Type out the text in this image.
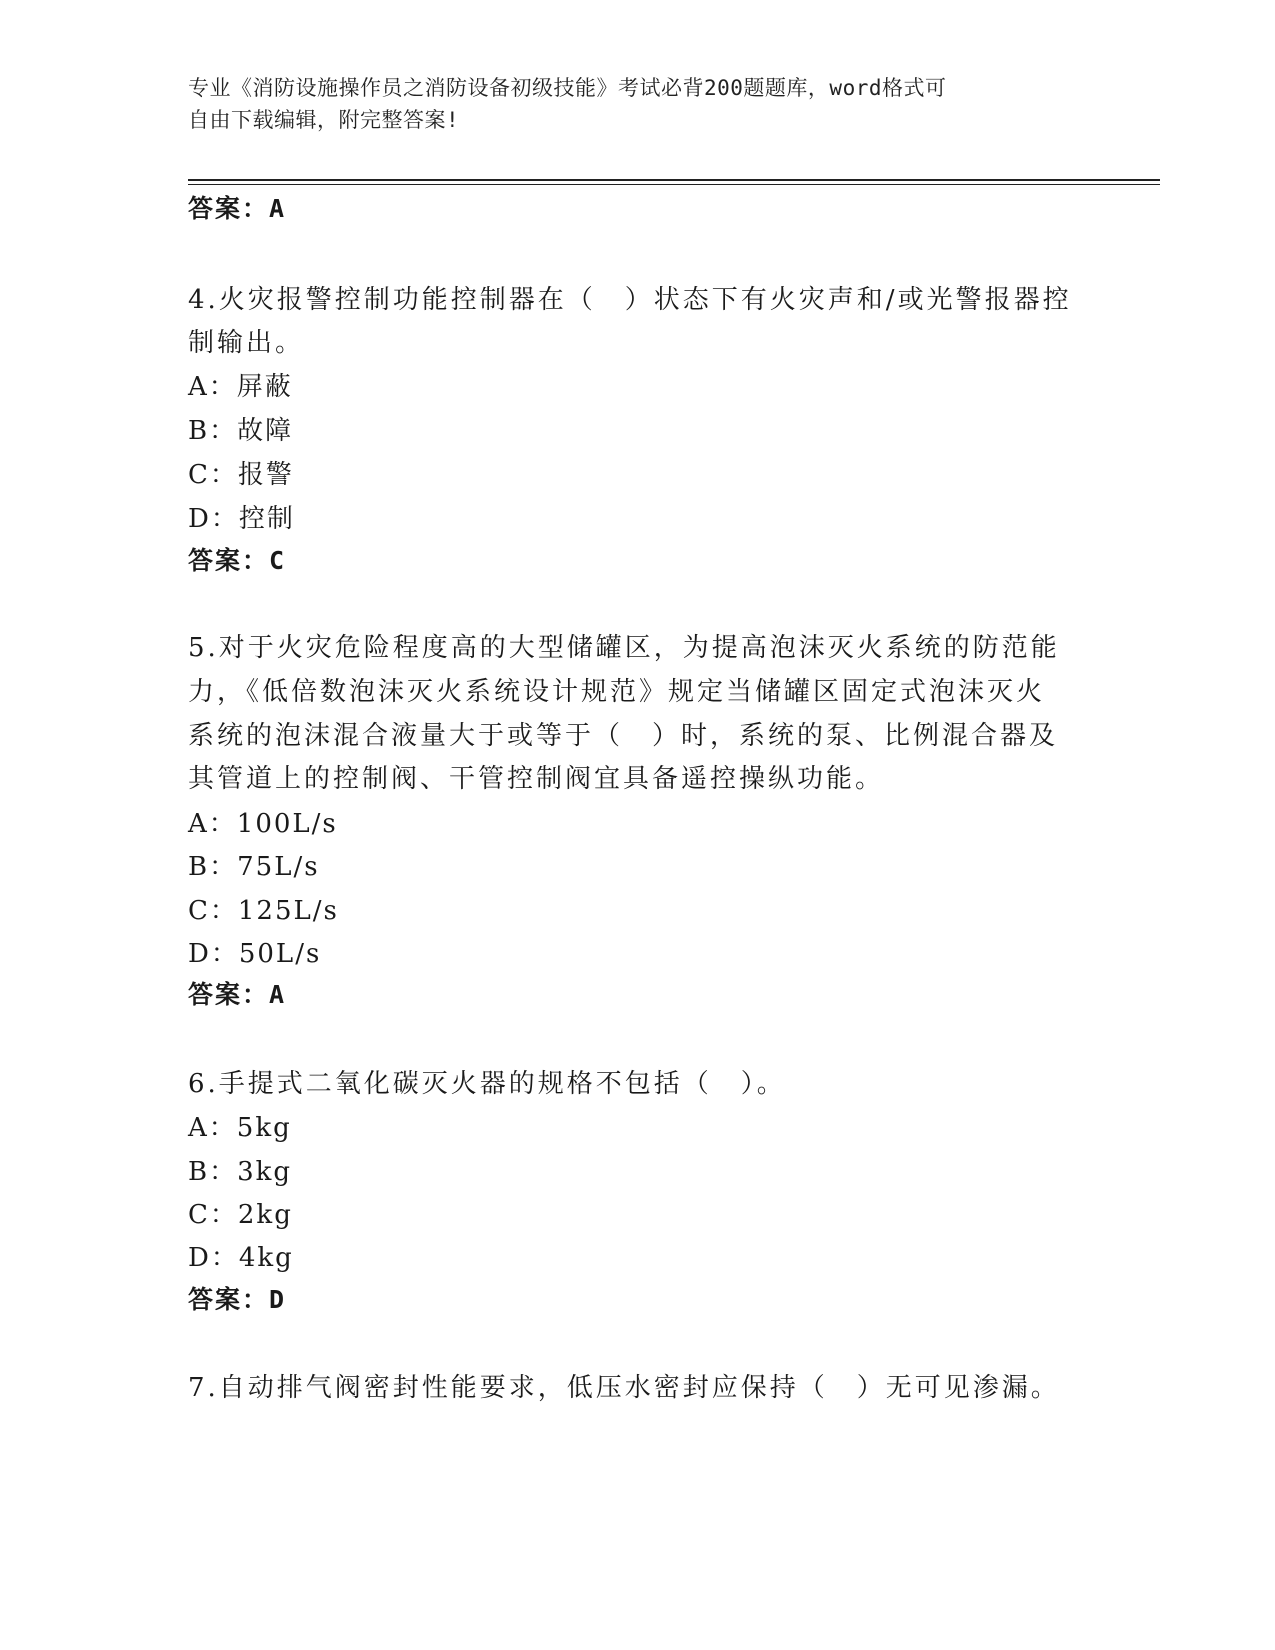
专业《消防设施操作员之消防设备初级技能》考试必背200题题库，word格式可
自由下载编辑，附完整答案!
答案：A
4.火灾报警控制功能控制器在（　）状态下有火灾声和/或光警报器控
制输出。
A：屏蔽
B：故障
C：报警
D：控制
答案：C
5.对于火灾危险程度高的大型储罐区，为提高泡沫灭火系统的防范能
力，《低倍数泡沫灭火系统设计规范》规定当储罐区固定式泡沫灭火
系统的泡沫混合液量大于或等于（　）时，系统的泵、比例混合器及
其管道上的控制阀、干管控制阀宜具备遥控操纵功能。
A：100L/s
B：75L/s
C：125L/s
D：50L/s
答案：A
6.手提式二氧化碳灭火器的规格不包括（　）。
A：5kg
B：3kg
C：2kg
D：4kg
答案：D
7.自动排气阀密封性能要求，低压水密封应保持（　）无可见渗漏。
